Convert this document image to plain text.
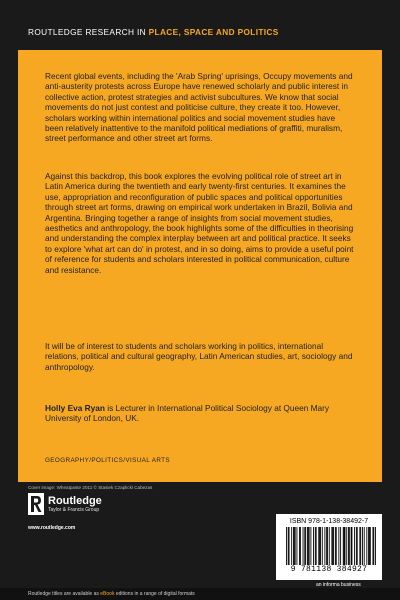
ROUTLEDGE RESEARCH IN PLACE, SPACE AND POLITICS
Recent global events, including the 'Arab Spring' uprisings, Occupy movements and anti-austerity protests across Europe have renewed scholarly and public interest in collective action, protest strategies and activist subcultures. We know that social movements do not just contest and politicise culture, they create it too. However, scholars working within international politics and social movement studies have been relatively inattentive to the manifold political mediations of graffiti, muralism, street performance and other street art forms.
Against this backdrop, this book explores the evolving political role of street art in Latin America during the twentieth and early twenty-first centuries. It examines the use, appropriation and reconfiguration of public spaces and political opportunities through street art forms, drawing on empirical work undertaken in Brazil, Bolivia and Argentina. Bringing together a range of insights from social movement studies, aesthetics and anthropology, the book highlights some of the difficulties in theorising and understanding the complex interplay between art and political practice. It seeks to explore 'what art can do' in protest, and in so doing, aims to provide a useful point of reference for students and scholars interested in political communication, culture and resistance.
It will be of interest to students and scholars working in politics, international relations, political and cultural geography, Latin American studies, art, sociology and anthropology.
Holly Eva Ryan is Lecturer in International Political Sociology at Queen Mary University of London, UK.
GEOGRAPHY/POLITICS/VISUAL ARTS
Cover image: Wheatpaste 2011 © Stasiek Czaplicki Cabezas
Routledge
Taylor & Francis Group
www.routledge.com
ISBN 978-1-138-38492-7
9 781138 384927
an informa business
Routledge titles are available as eBook editions in a range of digital formats
